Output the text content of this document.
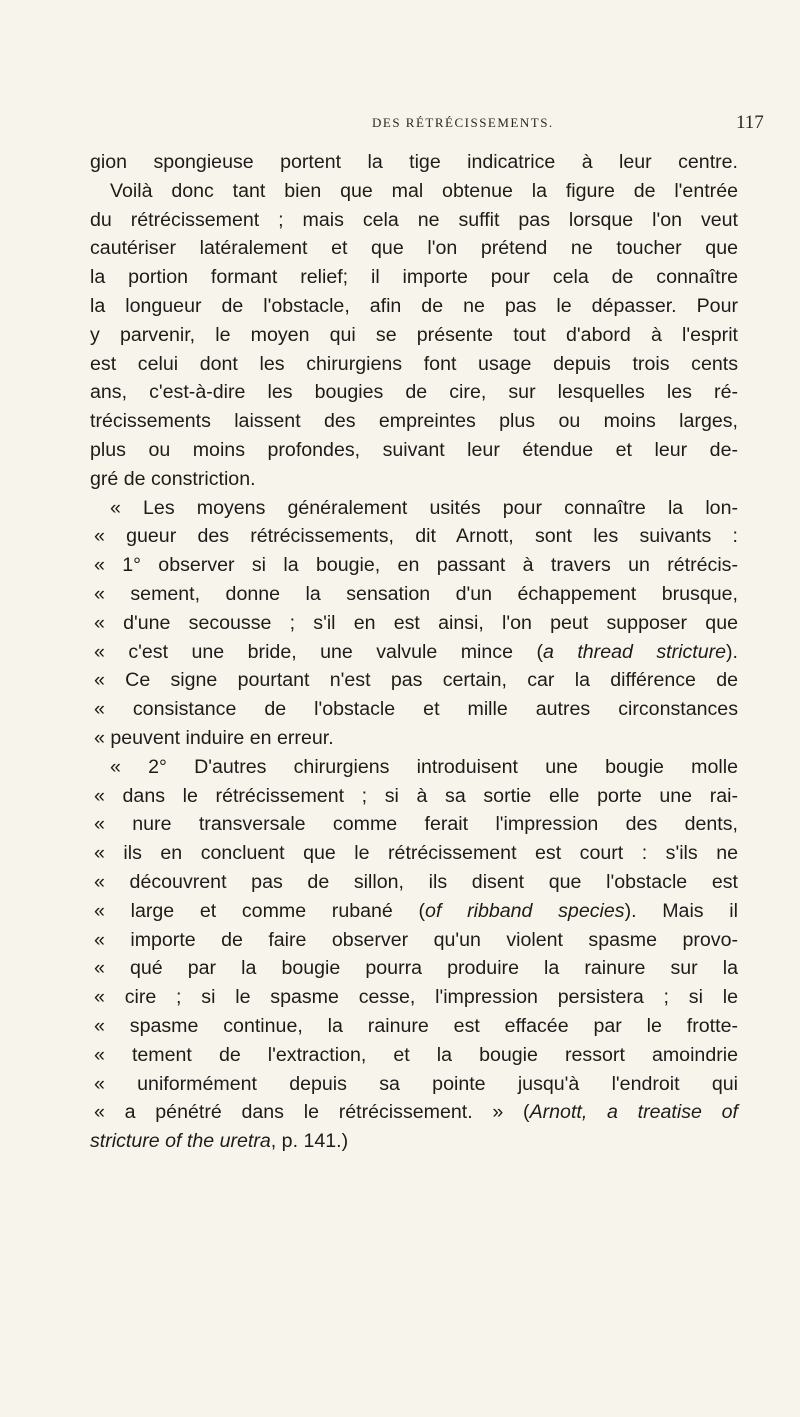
DES RÉTRÉCISSEMENTS.	117
gion spongieuse portent la tige indicatrice à leur centre.
Voilà donc tant bien que mal obtenue la figure de l'entrée
du rétrécissement ; mais cela ne suffit pas lorsque l'on veut
cautériser latéralement et que l'on prétend ne toucher que
la portion formant relief; il importe pour cela de connaître
la longueur de l'obstacle, afin de ne pas le dépasser. Pour
y parvenir, le moyen qui se présente tout d'abord à l'esprit
est celui dont les chirurgiens font usage depuis trois cents
ans, c'est-à-dire les bougies de cire, sur lesquelles les ré-
trécissements laissent des empreintes plus ou moins larges,
plus ou moins profondes, suivant leur étendue et leur de-
gré de constriction.
« Les moyens généralement usités pour connaître la lon-
« gueur des rétrécissements, dit Arnott, sont les suivants :
« 1° observer si la bougie, en passant à travers un rétrécis-
« sement, donne la sensation d'un échappement brusque,
« d'une secousse ; s'il en est ainsi, l'on peut supposer que
« c'est une bride, une valvule mince (a thread stricture).
« Ce signe pourtant n'est pas certain, car la différence de
« consistance de l'obstacle et mille autres circonstances
« peuvent induire en erreur.
« 2° D'autres chirurgiens introduisent une bougie molle
« dans le rétrécissement ; si à sa sortie elle porte une rai-
« nure transversale comme ferait l'impression des dents,
« ils en concluent que le rétrécissement est court : s'ils ne
« découvrent pas de sillon, ils disent que l'obstacle est
« large et comme rubané (of ribband species). Mais il
« importe de faire observer qu'un violent spasme provo-
« qué par la bougie pourra produire la rainure sur la
« cire ; si le spasme cesse, l'impression persistera ; si le
« spasme continue, la rainure est effacée par le frotte-
« tement de l'extraction, et la bougie ressort amoindrie
« uniformément depuis sa pointe jusqu'à l'endroit qui
« a pénétré dans le rétrécissement. » (Arnott, a treatise of
stricture of the uretra, p. 141.)
